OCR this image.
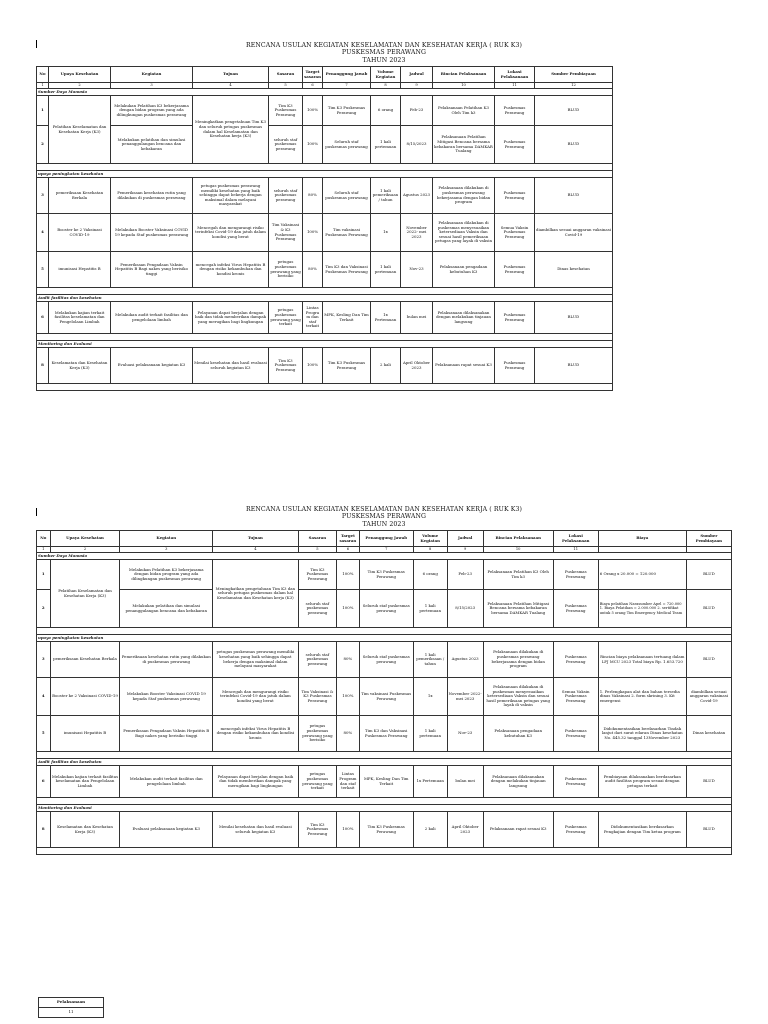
RENCANA USULAN KEGIATAN KESELAMATAN DAN KESEHATAN KERJA ( RUK K3)
PUSKESMAS PERAWANG
TAHUN 2023
No	Upaya Kesehatan	Kegiatan	Tujuan	Sasaran	Target sasaran	Penanggung Jawab	Volume Kegiatan	Jadwal	Rincian Pelaksanaan	Lokasi Pelaksanaan	Sumber Pembiayaan
1	2	3	4	5	6	7	8	9	10	11	12
Sumber Daya Manusia											
1	Pelatihan Keselamatan dan Kesehatan Kerja (K3)	Melakukan Pelatihan K3 bekerjasama dengan bidan program yang ada dilingkungan puskesmas perawang	Meningkatkan pengetahuan Tim K3 dan seluruh petugas puskesmas dalam hal Keselamatan dan Kesehatan kerja (K3)	Tim K3 Puskesmas Perawang	100%	Tim K3 Puskesmas Perawang	6 orang	Feb-23	Pelaksanaan Pelatihan K3 Oleh Tim k3	Puskesmas Perawang	BLUD
2		Melakukan pelatihan dan simulasi penanggulangan bencana dan kebakaran		seluruh staf puskesmas perawang	100%	Seluruh staf puskesmas perawang	1 kali pertemuan	8/15/2023	Pelaksanaan Pelatihan Mitigasi Bencana bersama kebakaran bersama DAMKAR Tualang	Puskesmas Perawang	BLUD

upaya peningkatan kesehatan											
3	pemeriksaan Kesehatan Berkala	Pemeriksaan kesehatan rutin yang dilakukan di puskesmas perawang	petugas puskesmas perawang memiliki kesehatan yang baik sehingga dapat bekerja dengan maksimal dalam melayani masyarakat	seluruh staf puskesmas perawang	80%	Seluruh staf puskesmas perawang	1 kali pemeriksaan / tahun	Agustus 2023	Pelaksanaan dilakukan di puskesmas perawang bekerjasama dengan bidan program	Puskesmas Perawang	BLUD
4	Booster ke 2 Vaksinasi COVID-19	Melakukan Booster Vaksinasi COVID 19 kepada Staf puskesmas perawang	Mencegah dan mengurangi risiko terinfeksi Covid-19 dan jatuh dalam kondisi yang berat	Tim Vaksinasi & K3 Puskesmas Perawang	100%	Tim vaksinasi Puskesmas Perawang	1x	November 2022- mei 2023	Pelaksanaan dilakukan di puskesmas menyesuaikan ketersediaan Vaksin dan sesuai hasil pemeriksaan petugas yang layak di vaksin	Semua Vaksin Puskesmas Perawang	diambilkan sesuai anggaran vaksinasi Covid-19
5	imunisasi Hepatitis B	Pemeriksaan Pengadaan Vaksin Hepatitis B Bagi nakes yang berisiko tinggi	mencegah infeksi Virus Hepatitis B dengan risiko kekambuhan dan kondisi kronis	petugas puskesmas perawang yang berisiko	80%	Tim K3 dan Vaksinasi Puskesmas Perawang	1 kali pertemuan	Nov-23	Pelaksanaan pengadaan kebutuhan K3	Puskesmas Perawang	Dinas kesehatan

Audit fasilitas dan kesehatan											
6	Melakukan kajian terkait fasilitas keselamatan dan Pengelolaan Limbah	Melakukan audit terkait fasilitas dan pengelolaan limbah	Pelayanan dapat berjalan dengan baik dan tidak memberikan dampak yang merugikan bagi lingkungan	petugas puskesmas perawang yang terkait	Lintas Program dan staf terkait	MPK, Kesling Dan Tim Terkait	1x Pertemuan	bulan mei	Pelaksanaan dilaksanakan dengan melakukan tinjauan langsung	Puskesmas Perawang	BLUD

Monitoring dan Evaluasi											
8	Keselamatan dan Kesehatan Kerja (K3)	Evaluasi pelaksanaan kegiatan K3	Menilai kesehatan dan hasil evaluasi seluruh kegiatan K3	Tim K3 Puskesmas Perawang	100%	Tim K3 Puskesmas Perawang	2 kali	April Oktober 2023	Pelaksanaan rapat sesuai K3	Puskesmas Perawang	BLUD

RENCANA USULAN KEGIATAN KESELAMATAN DAN KESEHATAN KERJA ( RUK K3)
PUSKESMAS PERAWANG
TAHUN 2023
No	Upaya Kesehatan	Kegiatan	Tujuan	Sasaran	Target sasaran	Penanggung Jawab	Volume Kegiatan	Jadwal	Rincian Pelaksanaan	Lokasi Pelaksanaan	Biaya	Sumber Pembiayaan
1	2	3	4	5	6	7	8	9	10	11		
Sumber Daya Manusia												
1	Pelatihan Keselamatan dan Kesehatan Kerja (K3)	Melakukan Pelatihan K3 bekerjasama dengan bidan program yang ada dilingkungan puskesmas perawang	Meningkatkan pengetahuan Tim K3 dan seluruh petugas puskesmas dalam hal Keselamatan dan Kesehatan kerja (K3)	Tim K3 Puskesmas Perawang	100%	Tim K3 Puskesmas Perawang	6 orang	Feb-23	Pelaksanaan Pelatihan K3 Oleh Tim k3	Puskesmas Perawang	6 Orang x 20.000 = 120.000	BLUD
2		Melakukan pelatihan dan simulasi penanggulangan bencana dan kebakaran		seluruh staf puskesmas perawang	100%	Seluruh staf puskesmas perawang	1 kali pertemuan	8/15/2023	Pelaksanaan Pelatihan Mitigasi Bencana bersama kebakaran bersama DAMKAR Tualang	Puskesmas Perawang	Biaya pelatihan Narasumber Apel = 720.000 1. Biaya Pelatihan = 2.000.000 2. sertifikat untuk 5 orang Tim Emergency Medical Team	BLUD

upaya peningkatan kesehatan												
3	pemeriksaan Kesehatan Berkala	Pemeriksaan kesehatan rutin yang dilakukan di puskesmas perawang	petugas puskesmas perawang memiliki kesehatan yang baik sehingga dapat bekerja dengan maksimal dalam melayani masyarakat	seluruh staf puskesmas perawang	80%	Seluruh staf puskesmas perawang	1 kali pemeriksaan / tahun	Agustus 2023	Pelaksanaan dilakukan di puskesmas perawang bekerjasama dengan bidan program	Puskesmas Perawang	Rincian biaya pelaksanaan tertuang dalam LPJ MCU 2023 Total biaya Rp. 1.653.720	BLUD
4	Booster ke 2 Vaksinasi COVID-19	Melakukan Booster Vaksinasi COVID 19 kepada Staf puskesmas perawang	Mencegah dan mengurangi risiko terinfeksi Covid-19 dan jatuh dalam kondisi yang berat	Tim Vaksinasi & K3 Puskesmas Perawang	100%	Tim vaksinasi Puskesmas Perawang	1x	November 2022- mei 2023	Pelaksanaan dilakukan di puskesmas menyesuaikan ketersediaan Vaksin dan sesuai hasil pemeriksaan petugas yang layak di vaksin	Semua Vaksin Puskesmas Perawang	1. Perlengkapan alat dan bahan tersedia dinas Vaksinasi 2. form skrining 3. Kit emergensi	diambilkan sesuai anggaran vaksinasi Covid-19
5	imunisasi Hepatitis B	Pemeriksaan Pengadaan Vaksin Hepatitis B Bagi nakes yang berisiko tinggi	mencegah infeksi Virus Hepatitis B dengan risiko kekambuhan dan kondisi kronis	petugas puskesmas perawang yang berisiko	80%	Tim K3 dan Vaksinasi Puskesmas Perawang	1 kali pertemuan	Nov-23	Pelaksanaan pengadaan kebutuhan K3	Puskesmas Perawang	Didokumentasikan berdasarkan Tindak lanjut dari surat edaran Dinas kesehatan No. 445.32 tanggal 13November 2023	Dinas kesehatan

Audit fasilitas dan kesehatan												
6	Melakukan kajian terkait fasilitas keselamatan dan Pengelolaan Limbah	Melakukan audit terkait fasilitas dan pengelolaan limbah	Pelayanan dapat berjalan dengan baik dan tidak memberikan dampak yang merugikan bagi lingkungan	petugas puskesmas perawang yang terkait	Lintas Program dan staf terkait	MPK, Kesling Dan Tim Terkait	1x Pertemuan	bulan mei	Pelaksanaan dilaksanakan dengan melakukan tinjauan langsung	Puskesmas Perawang	Pembiayaan dilaksanakan berdasarkan audit fasilitas program sesuai dengan petugas terkait	BLUD

Monitoring dan Evaluasi												
8	Keselamatan dan Kesehatan Kerja (K3)	Evaluasi pelaksanaan kegiatan K3	Menilai kesehatan dan hasil evaluasi seluruh kegiatan K3	Tim K3 Puskesmas Perawang	100%	Tim K3 Puskesmas Perawang	2 kali	April Oktober 2023	Pelaksanaan rapat sesuai K3	Puskesmas Perawang	Didokumentasikan berdasarkan Pengkajian dengan Tim ketua program	BLUD

Pelaksanaan
11
